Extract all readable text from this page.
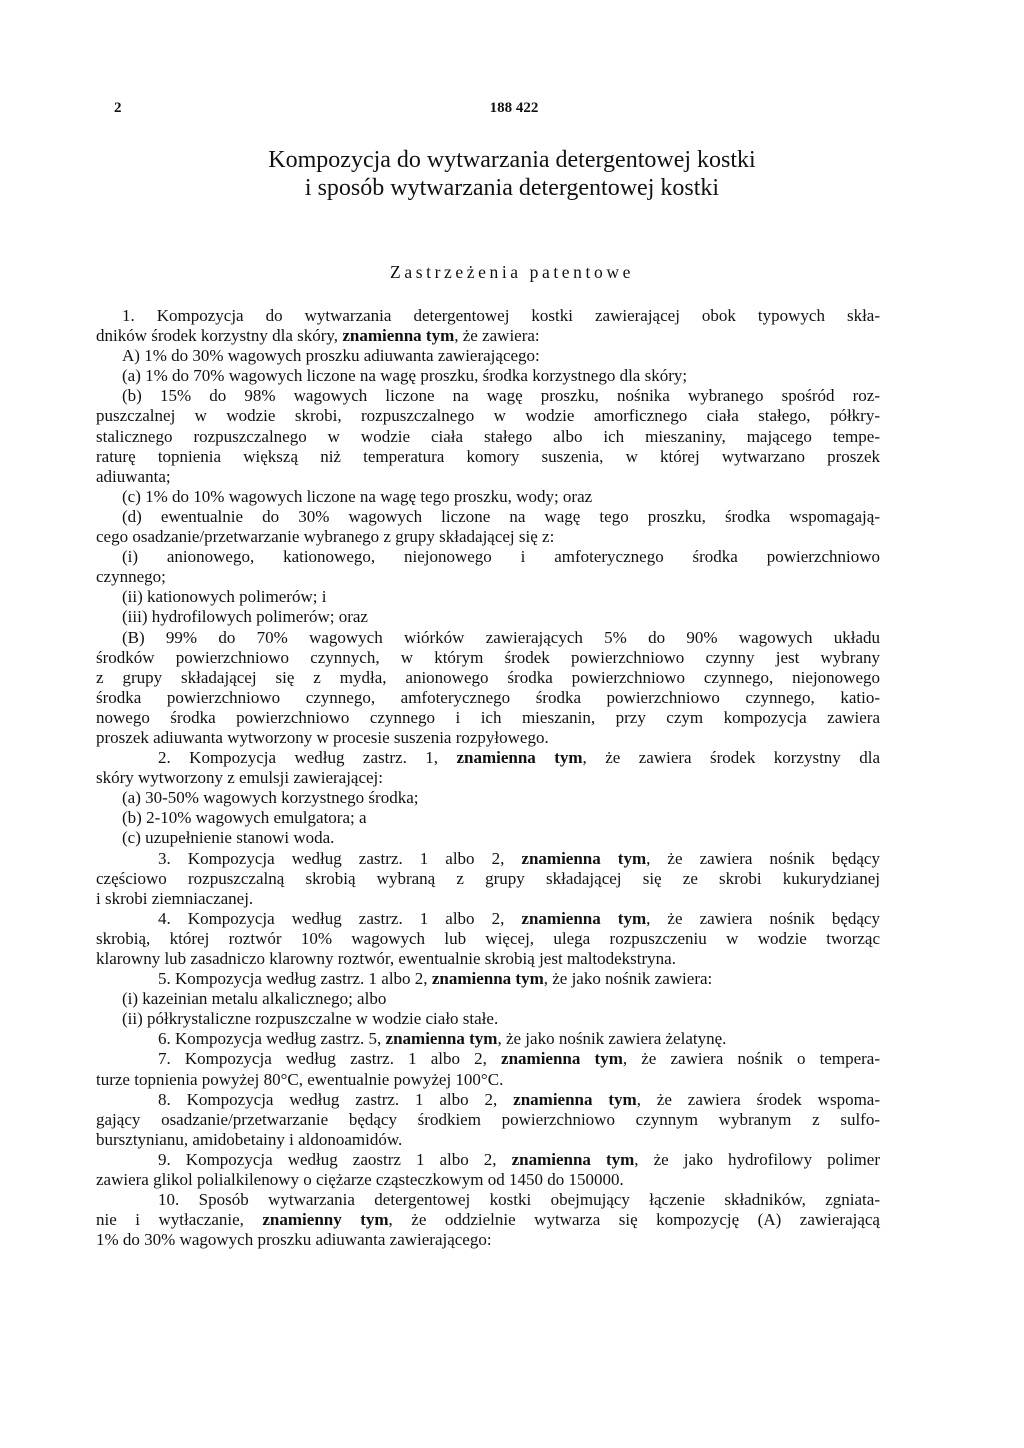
2	188 422
Kompozycja do wytwarzania detergentowej kostki
i sposób wytwarzania detergentowej kostki
Zastrzeżenia patentowe
1. Kompozycja do wytwarzania detergentowej kostki zawierającej obok typowych skła-
dników środek korzystny dla skóry, znamienna tym, że zawiera:
A) 1% do 30% wagowych proszku adiuwanta zawierającego:
(a) 1% do 70% wagowych liczone na wagę proszku, środka korzystnego dla skóry;
(b) 15% do 98% wagowych liczone na wagę proszku, nośnika wybranego spośród roz-
puszczalnej w wodzie skrobi, rozpuszczalnego w wodzie amorficznego ciała stałego, półkry-
stalicznego rozpuszczalnego w wodzie ciała stałego albo ich mieszaniny, mającego tempe-
raturę topnienia większą niż temperatura komory suszenia, w której wytwarzano proszek
adiuwanta;
(c) 1% do 10% wagowych liczone na wagę tego proszku, wody; oraz
(d) ewentualnie do 30% wagowych liczone na wagę tego proszku, środka wspomagają-
cego osadzanie/przetwarzanie wybranego z grupy składającej się z:
(i) anionowego, kationowego, niejonowego i amfoterycznego środka powierzchniowo
czynnego;
(ii) kationowych polimerów; i
(iii) hydrofilowych polimerów; oraz
(B) 99% do 70% wagowych wiórków zawierających 5% do 90% wagowych układu
środków powierzchniowo czynnych, w którym środek powierzchniowo czynny jest wybrany
z grupy składającej się z mydła, anionowego środka powierzchniowo czynnego, niejonowego
środka powierzchniowo czynnego, amfoterycznego środka powierzchniowo czynnego, katio-
nowego środka powierzchniowo czynnego i ich mieszanin, przy czym kompozycja zawiera
proszek adiuwanta wytworzony w procesie suszenia rozpyłowego.
2. Kompozycja według zastrz. 1, znamienna tym, że zawiera środek korzystny dla
skóry wytworzony z emulsji zawierającej:
(a) 30-50% wagowych korzystnego środka;
(b) 2-10% wagowych emulgatora; a
(c) uzupełnienie stanowi woda.
3. Kompozycja według zastrz. 1 albo 2, znamienna tym, że zawiera nośnik będący
częściowo rozpuszczalną skrobią wybraną z grupy składającej się ze skrobi kukurydzianej
i skrobi ziemniaczanej.
4. Kompozycja według zastrz. 1 albo 2, znamienna tym, że zawiera nośnik będący
skrobią, której roztwór 10% wagowych lub więcej, ulega rozpuszczeniu w wodzie tworząc
klarowny lub zasadniczo klarowny roztwór, ewentualnie skrobią jest maltodekstryna.
5. Kompozycja według zastrz. 1 albo 2, znamienna tym, że jako nośnik zawiera:
(i) kazeinian metalu alkalicznego; albo
(ii) półkrystaliczne rozpuszczalne w wodzie ciało stałe.
6. Kompozycja według zastrz. 5, znamienna tym, że jako nośnik zawiera żelatynę.
7. Kompozycja według zastrz. 1 albo 2, znamienna tym, że zawiera nośnik o tempera-
turze topnienia powyżej 80°C, ewentualnie powyżej 100°C.
8. Kompozycja według zastrz. 1 albo 2, znamienna tym, że zawiera środek wspoma-
gający osadzanie/przetwarzanie będący środkiem powierzchniowo czynnym wybranym z sulfo-
bursztynianu, amidobetainy i aldonoamidów.
9. Kompozycja według zaostrz 1 albo 2, znamienna tym, że jako hydrofilowy polimer
zawiera glikol polialkilenowy o ciężarze cząsteczkowym od 1450 do 150000.
10. Sposób wytwarzania detergentowej kostki obejmujący łączenie składników, zgniata-
nie i wytłaczanie, znamienny tym, że oddzielnie wytwarza się kompozycję (A) zawierającą
1% do 30% wagowych proszku adiuwanta zawierającego:
